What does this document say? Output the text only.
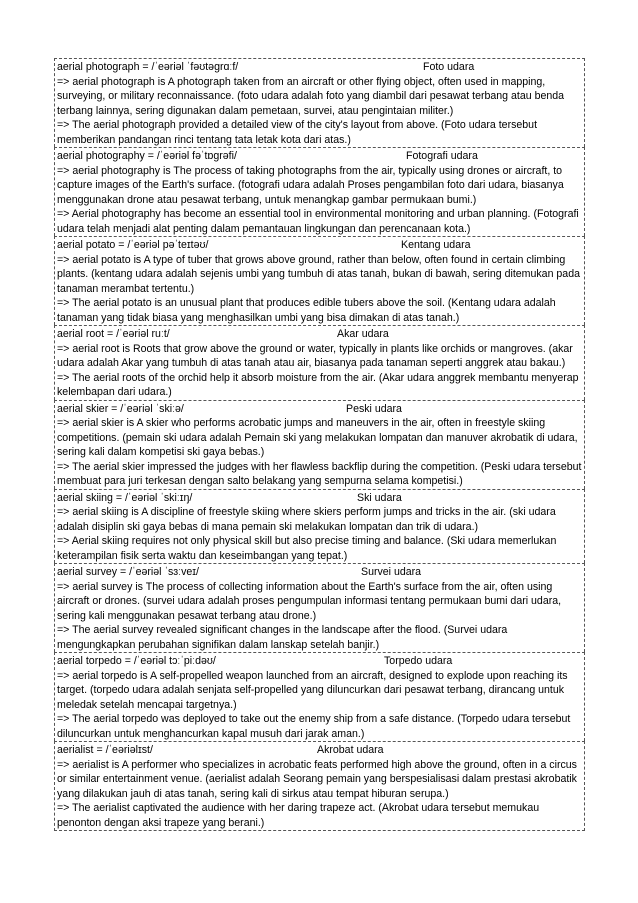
aerial photograph = /ˈeəriəl ˈfəʊtəɡrɑːf/	Foto udara
=> aerial photograph is A photograph taken from an aircraft or other flying object, often used in mapping, surveying, or military reconnaissance. (foto udara adalah foto yang diambil dari pesawat terbang atau benda terbang lainnya, sering digunakan dalam pemetaan, survei, atau pengintaian militer.)
=> The aerial photograph provided a detailed view of the city's layout from above. (Foto udara tersebut memberikan pandangan rinci tentang tata letak kota dari atas.)
aerial photography = /ˈeəriəl fəˈtɒɡrəfi/	Fotografi udara
=> aerial photography is The process of taking photographs from the air, typically using drones or aircraft, to capture images of the Earth's surface. (fotografi udara adalah Proses pengambilan foto dari udara, biasanya menggunakan drone atau pesawat terbang, untuk menangkap gambar permukaan bumi.)
=> Aerial photography has become an essential tool in environmental monitoring and urban planning. (Fotografi udara telah menjadi alat penting dalam pemantauan lingkungan dan perencanaan kota.)
aerial potato = /ˈeəriəl pəˈteɪtəʊ/	Kentang udara
=> aerial potato is A type of tuber that grows above ground, rather than below, often found in certain climbing plants. (kentang udara adalah sejenis umbi yang tumbuh di atas tanah, bukan di bawah, sering ditemukan pada tanaman merambat tertentu.)
=> The aerial potato is an unusual plant that produces edible tubers above the soil. (Kentang udara adalah tanaman yang tidak biasa yang menghasilkan umbi yang bisa dimakan di atas tanah.)
aerial root = /ˈeəriəl ruːt/	Akar udara
=> aerial root is Roots that grow above the ground or water, typically in plants like orchids or mangroves. (akar udara adalah Akar yang tumbuh di atas tanah atau air, biasanya pada tanaman seperti anggrek atau bakau.)
=> The aerial roots of the orchid help it absorb moisture from the air. (Akar udara anggrek membantu menyerap kelembapan dari udara.)
aerial skier = /ˈeəriəl ˈskiːə/	Peski udara
=> aerial skier is A skier who performs acrobatic jumps and maneuvers in the air, often in freestyle skiing competitions. (pemain ski udara adalah Pemain ski yang melakukan lompatan dan manuver akrobatik di udara, sering kali dalam kompetisi ski gaya bebas.)
=> The aerial skier impressed the judges with her flawless backflip during the competition. (Peski udara tersebut membuat para juri terkesan dengan salto belakang yang sempurna selama kompetisi.)
aerial skiing = /ˈeəriəl ˈskiːɪŋ/	Ski udara
=> aerial skiing is A discipline of freestyle skiing where skiers perform jumps and tricks in the air. (ski udara adalah disiplin ski gaya bebas di mana pemain ski melakukan lompatan dan trik di udara.)
=> Aerial skiing requires not only physical skill but also precise timing and balance. (Ski udara memerlukan keterampilan fisik serta waktu dan keseimbangan yang tepat.)
aerial survey = /ˈeəriəl ˈsɜːveɪ/	Survei udara
=> aerial survey is The process of collecting information about the Earth's surface from the air, often using aircraft or drones. (survei udara adalah proses pengumpulan informasi tentang permukaan bumi dari udara, sering kali menggunakan pesawat terbang atau drone.)
=> The aerial survey revealed significant changes in the landscape after the flood. (Survei udara mengungkapkan perubahan signifikan dalam lanskap setelah banjir.)
aerial torpedo = /ˈeəriəl tɔːˈpiːdəʊ/	Torpedo udara
=> aerial torpedo is A self-propelled weapon launched from an aircraft, designed to explode upon reaching its target. (torpedo udara adalah senjata self-propelled yang diluncurkan dari pesawat terbang, dirancang untuk meledak setelah mencapai targetnya.)
=> The aerial torpedo was deployed to take out the enemy ship from a safe distance. (Torpedo udara tersebut diluncurkan untuk menghancurkan kapal musuh dari jarak aman.)
aerialist = /ˈeəriəlɪst/	Akrobat udara
=> aerialist is A performer who specializes in acrobatic feats performed high above the ground, often in a circus or similar entertainment venue. (aerialist adalah Seorang pemain yang berspesialisasi dalam prestasi akrobatik yang dilakukan jauh di atas tanah, sering kali di sirkus atau tempat hiburan serupa.)
=> The aerialist captivated the audience with her daring trapeze act. (Akrobat udara tersebut memukau penonton dengan aksi trapeze yang berani.)
